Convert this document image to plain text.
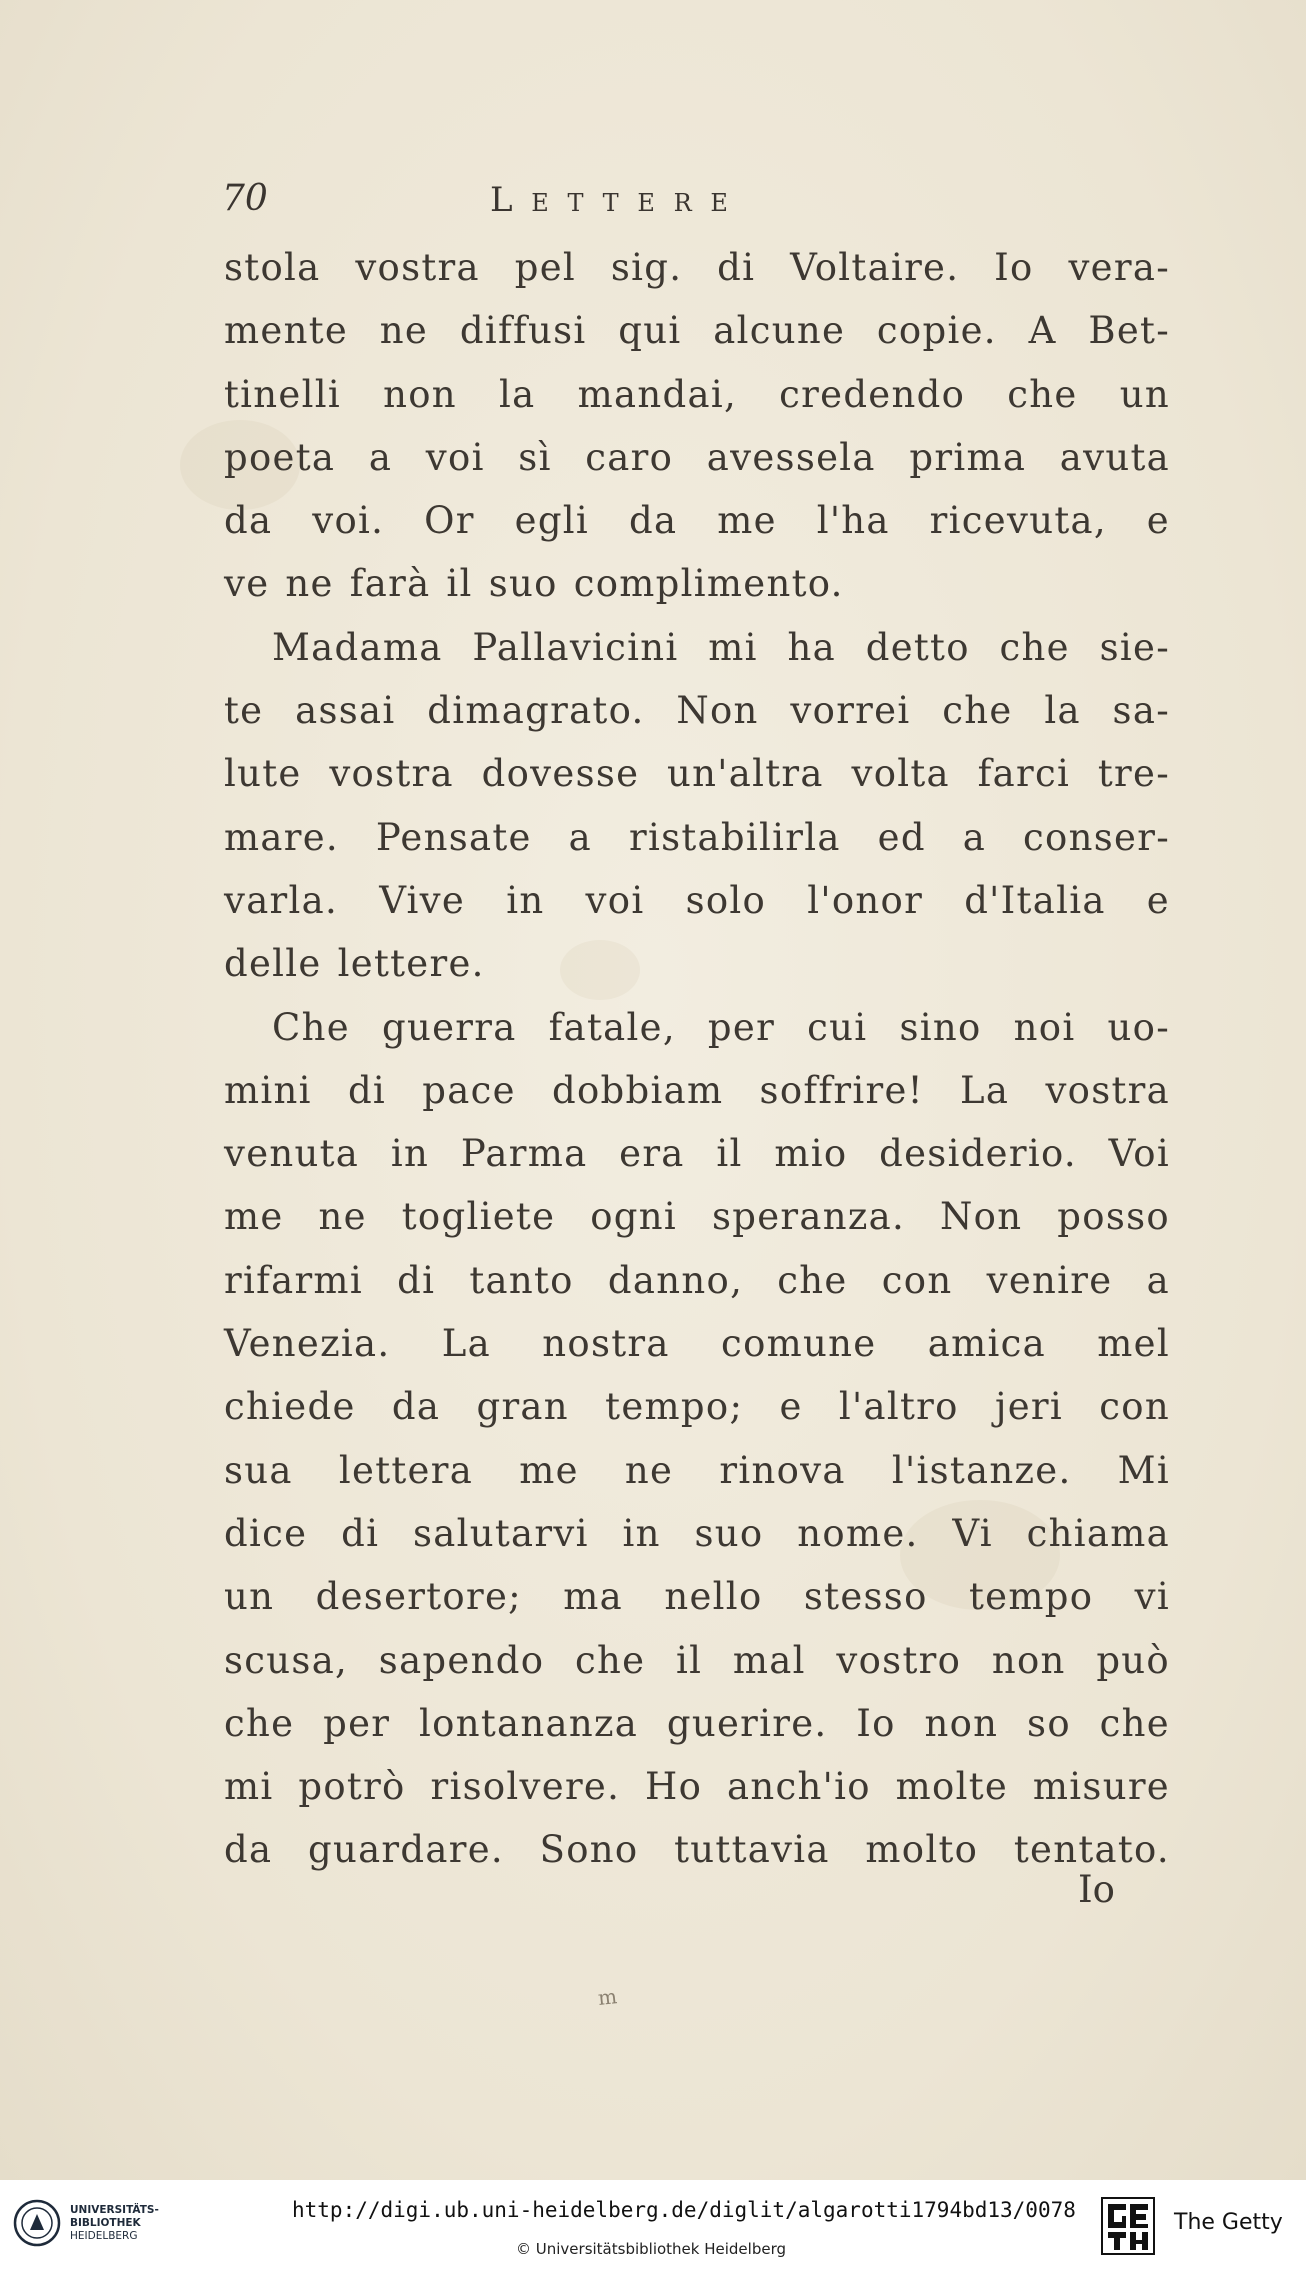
70	Lettere
stola vostra pel sig. di Voltaire. Io vera-
mente ne diffusi qui alcune copie. A Bet-
tinelli non la mandai, credendo che un
poeta a voi sì caro avessela prima avuta
da voi. Or egli da me l'ha ricevuta, e
ve ne farà il suo complimento.
Madama Pallavicini mi ha detto che sie-
te assai dimagrato. Non vorrei che la sa-
lute vostra dovesse un'altra volta farci tre-
mare. Pensate a ristabilirla ed a conser-
varla. Vive in voi solo l'onor d'Italia e
delle lettere.
Che guerra fatale, per cui sino noi uo-
mini di pace dobbiam soffrire! La vostra
venuta in Parma era il mio desiderio. Voi
me ne togliete ogni speranza. Non posso
rifarmi di tanto danno, che con venire a
Venezia. La nostra comune amica mel
chiede da gran tempo; e l'altro jeri con
sua lettera me ne rinova l'istanze. Mi
dice di salutarvi in suo nome. Vi chiama
un desertore; ma nello stesso tempo vi
scusa, sapendo che il mal vostro non può
che per lontananza guerire. Io non so che
mi potrò risolvere. Ho anch'io molte misure
da guardare. Sono tuttavia molto tentato.
Io
m
UNIVERSITÄTS-
BIBLIOTHEK
HEIDELBERG
http://digi.ub.uni-heidelberg.de/diglit/algarotti1794bd13/0078
© Universitätsbibliothek Heidelberg
The Getty
